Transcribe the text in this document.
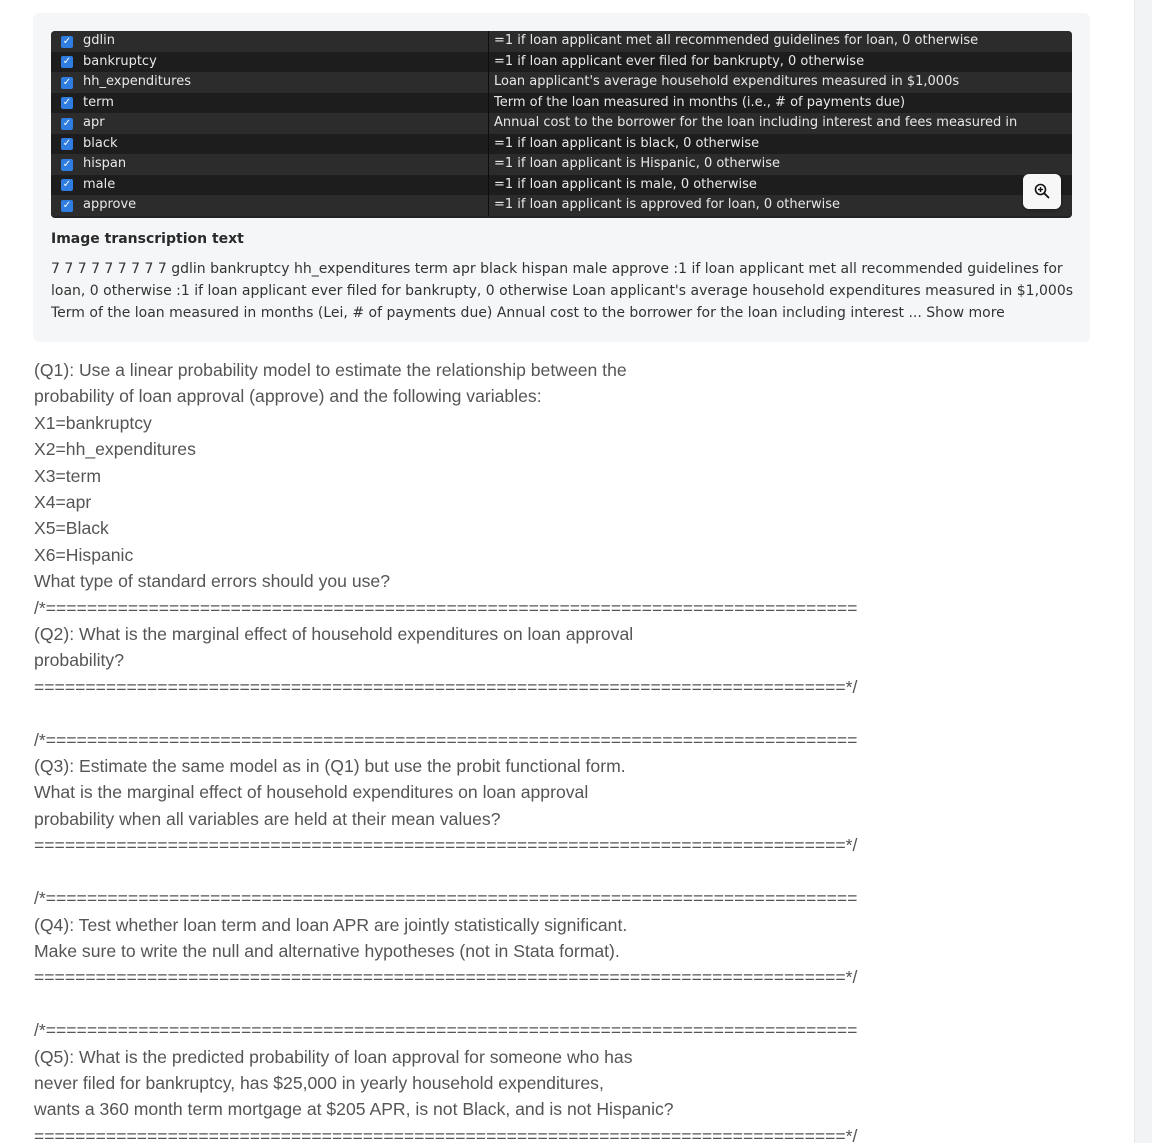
✓ gdlin	=1 if loan applicant met all recommended guidelines for loan, 0 otherwise
✓ bankruptcy	=1 if loan applicant ever filed for bankrupty, 0 otherwise
✓ hh_expenditures	Loan applicant's average household expenditures measured in $1,000s
✓ term	Term of the loan measured in months (i.e., # of payments due)
✓ apr	Annual cost to the borrower for the loan including interest and fees measured in
✓ black	=1 if loan applicant is black, 0 otherwise
✓ hispan	=1 if loan applicant is Hispanic, 0 otherwise
✓ male	=1 if loan applicant is male, 0 otherwise
✓ approve	=1 if loan applicant is approved for loan, 0 otherwise
Image transcription text
7 7 7 7 7 7 7 7 7 gdlin bankruptcy hh_expenditures term apr black hispan male approve :1 if loan applicant met all recommended guidelines for loan, 0 otherwise :1 if loan applicant ever filed for bankrupty, 0 otherwise Loan applicant's average household expenditures measured in $1,000s Term of the loan measured in months (Lei, # of payments due) Annual cost to the borrower for the loan including interest ... Show more
(Q1): Use a linear probability model to estimate the relationship between the
probability of loan approval (approve) and the following variables:
X1=bankruptcy
X2=hh_expenditures
X3=term
X4=apr
X5=Black
X6=Hispanic
What type of standard errors should you use?
/*===============================================================================
(Q2): What is the marginal effect of household expenditures on loan approval
probability?
===============================================================================*/
/*===============================================================================
(Q3): Estimate the same model as in (Q1) but use the probit functional form.
What is the marginal effect of household expenditures on loan approval
probability when all variables are held at their mean values?
===============================================================================*/
/*===============================================================================
(Q4): Test whether loan term and loan APR are jointly statistically significant.
Make sure to write the null and alternative hypotheses (not in Stata format).
===============================================================================*/
/*===============================================================================
(Q5): What is the predicted probability of loan approval for someone who has
never filed for bankruptcy, has $25,000 in yearly household expenditures,
wants a 360 month term mortgage at $205 APR, is not Black, and is not Hispanic?
===============================================================================*/
